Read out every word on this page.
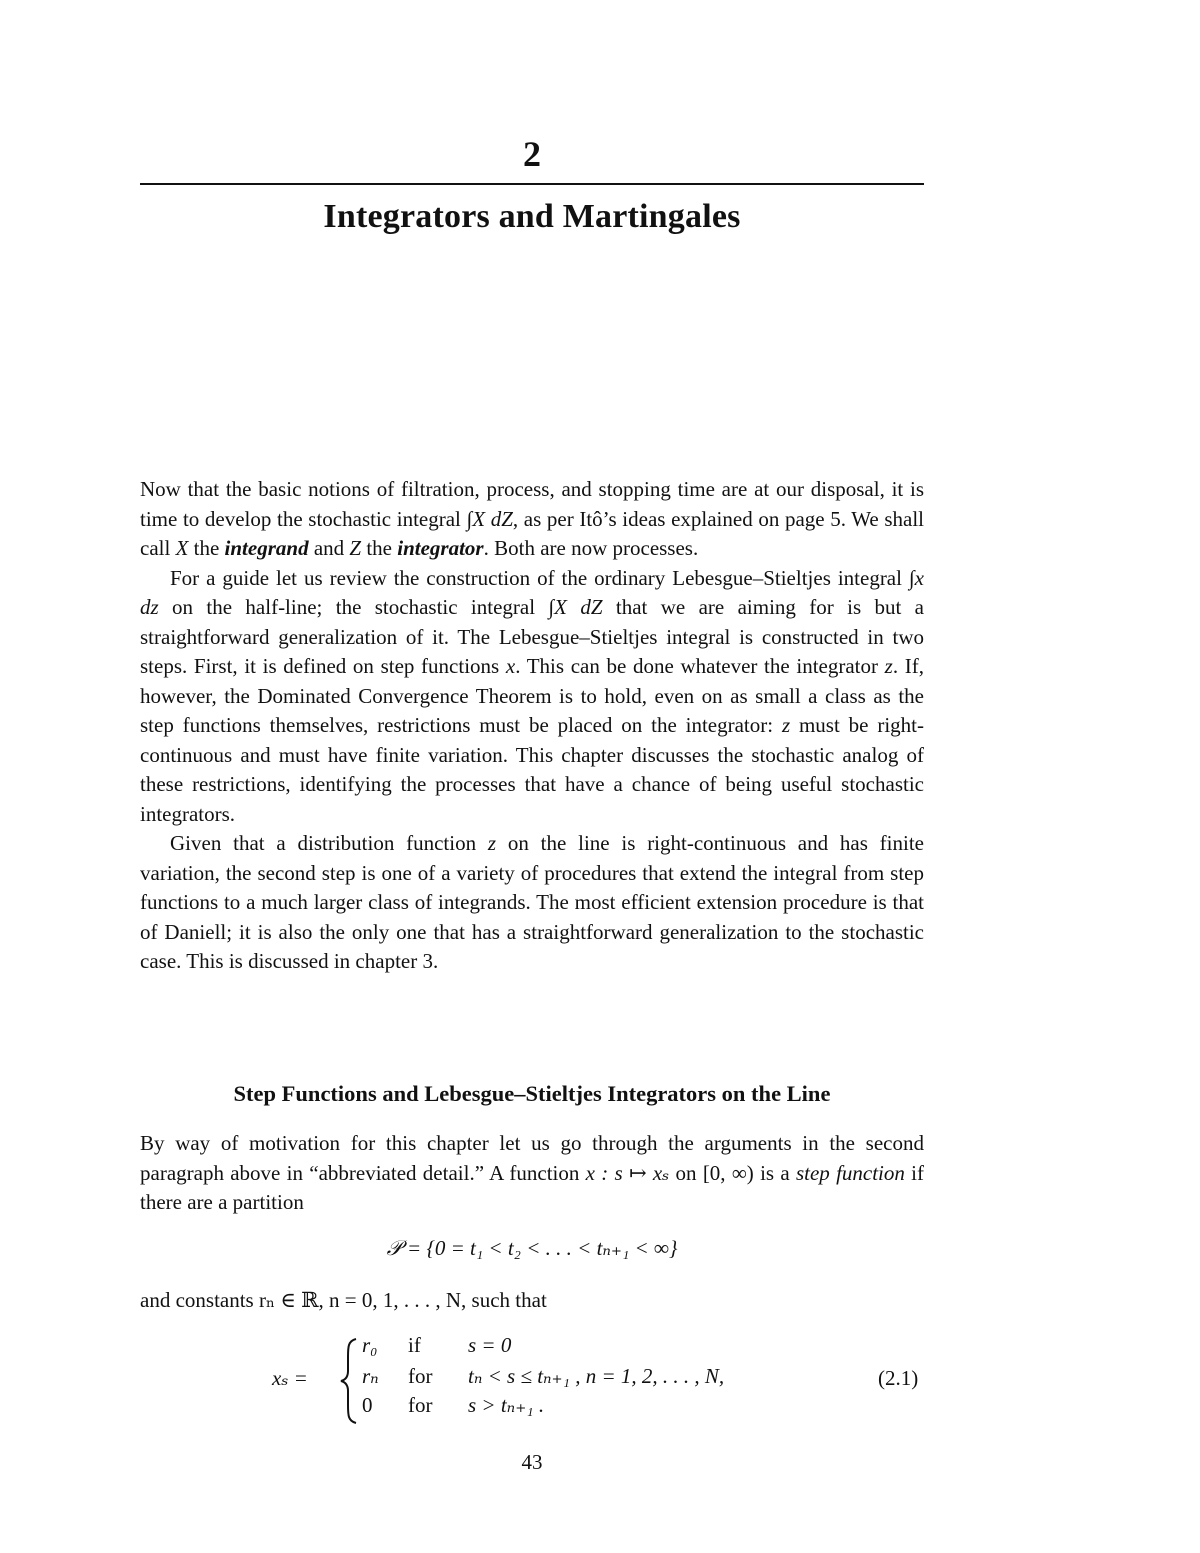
2
Integrators and Martingales

Now that the basic notions of filtration, process, and stopping time are at our disposal, it is time to develop the stochastic integral ∫X dZ, as per Itô’s ideas explained on page 5. We shall call X the integrand and Z the integrator. Both are now processes.

For a guide let us review the construction of the ordinary Lebesgue–Stieltjes integral ∫x dz on the half-line; the stochastic integral ∫X dZ that we are aiming for is but a straightforward generalization of it. The Lebesgue–Stieltjes integral is constructed in two steps. First, it is defined on step functions x. This can be done whatever the integrator z. If, however, the Dominated Convergence Theorem is to hold, even on as small a class as the step functions themselves, restrictions must be placed on the integrator: z must be right-continuous and must have finite variation. This chapter discusses the stochastic analog of these restrictions, identifying the processes that have a chance of being useful stochastic integrators.

Given that a distribution function z on the line is right-continuous and has finite variation, the second step is one of a variety of procedures that extend the integral from step functions to a much larger class of integrands. The most efficient extension procedure is that of Daniell; it is also the only one that has a straightforward generalization to the stochastic case. This is discussed in chapter 3.

Step Functions and Lebesgue–Stieltjes Integrators on the Line

By way of motivation for this chapter let us go through the arguments in the second paragraph above in “abbreviated detail.” A function x : s ↦ xₛ on [0, ∞) is a step function if there are a partition

𝒫 = {0 = t₁ < t₂ < . . . < tₙ₊₁ < ∞}
and constants rₙ ∈ ℝ, n = 0, 1, . . . , N, such that
xₛ =
r₀ if s = 0
rₙ for tₙ < s ≤ tₙ₊₁ , n = 1, 2, . . . , N,
0 for s > tₙ₊₁ .
(2.1)
43
